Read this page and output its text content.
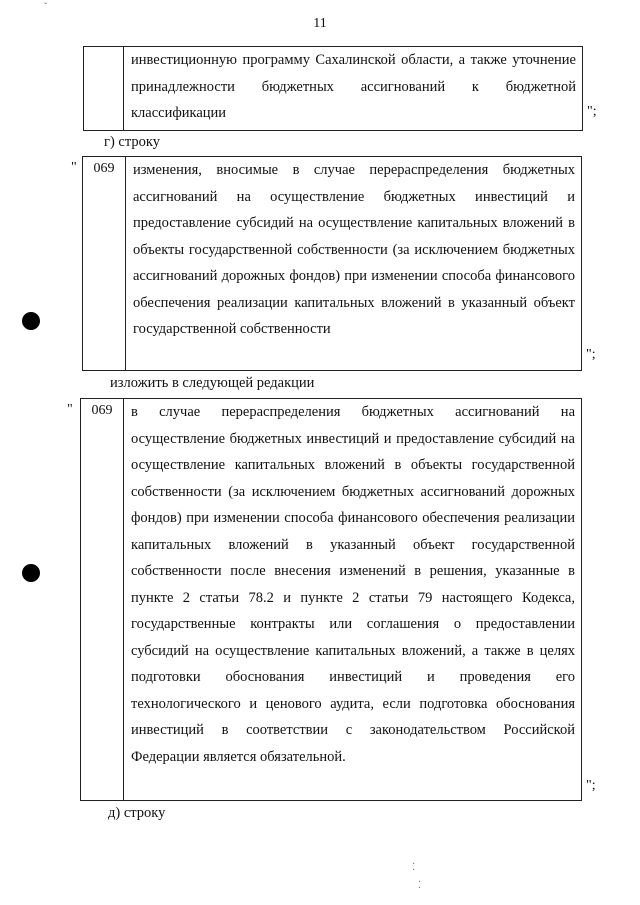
11
инвестиционную программу Сахалинской области, а также уточнение принадлежности бюджетных ассигнований к бюджетной классификации	";
г) строку
"	069	изменения, вносимые в случае перераспределения бюджетных ассигнований на осуществление бюджетных инвестиций и предоставление субсидий на осуществление капитальных вложений в объекты государственной собственности (за исключением бюджетных ассигнований дорожных фондов) при изменении способа финансового обеспечения реализации капитальных вложений в указанный объект государственной собственности
";
изложить в следующей редакции
"	069	в случае перераспределения бюджетных ассигнований на осуществление бюджетных инвестиций и предоставление субсидий на осуществление капитальных вложений в объекты государственной собственности (за исключением бюджетных ассигнований дорожных фондов) при изменении способа финансового обеспечения реализации капитальных вложений в указанный объект государственной собственности после внесения изменений в решения, указанные в пункте 2 статьи 78.2 и пункте 2 статьи 79 настоящего Кодекса, государственные контракты или соглашения о предоставлении субсидий на осуществление капитальных вложений, а также в целях подготовки обоснования инвестиций и проведения его технологического и ценового аудита, если подготовка обоснования инвестиций в соответствии с законодательством Российской Федерации является обязательной.
";
д) строку
ˇ
⁚
⁚
